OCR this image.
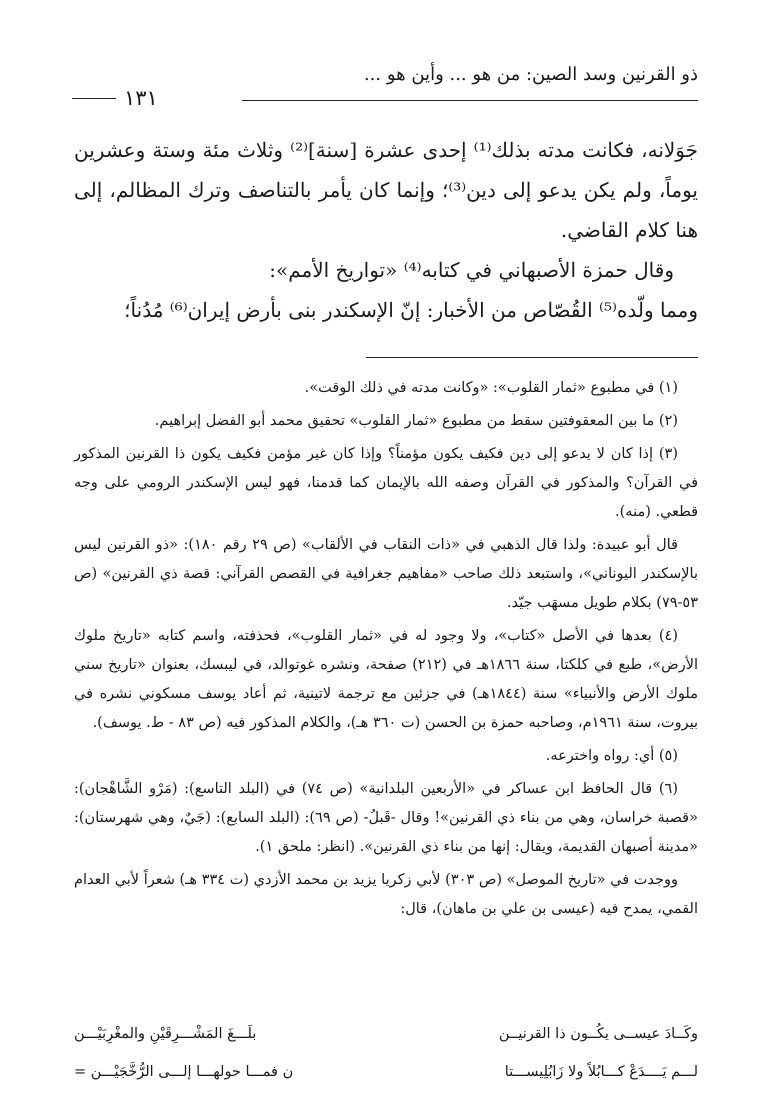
ذو القرنين وسد الصين: من هو ... وأين هو ...
١٣١

جَوَلانه، فكانت مدته بذلك⁽¹⁾ إحدى عشرة [سنة]⁽²⁾ وثلاث مئة وستة وعشرين يوماً، ولم يكن يدعو إلى دين⁽³⁾؛ وإنما كان يأمر بالتناصف وترك المظالم، إلى هنا كلام القاضي.

وقال حمزة الأصبهاني في كتابه⁽⁴⁾ «تواريخ الأمم»:

ومما ولّده⁽⁵⁾ القُصّاص من الأخبار: إنّ الإسكندر بنى بأرض إيران⁽⁶⁾ مُدُناً؛

(١) في مطبوع «ثمار القلوب»: «وكانت مدته في ذلك الوقت».

(٢) ما بين المعقوفتين سقط من مطبوع «ثمار القلوب» تحقيق محمد أبو الفضل إبراهيم.

(٣) إذا كان لا يدعو إلى دين فكيف يكون مؤمناً؟ وإذا كان غير مؤمن فكيف يكون ذا القرنين المذكور في القرآن؟ والمذكور في القرآن وصفه الله بالإيمان كما قدمنا، فهو ليس الإسكندر الرومي على وجه قطعي. (منه).

قال أبو عبيدة: ولذا قال الذهبي في «ذات النقاب في الألقاب» (ص ٢٩ رقم ١٨٠): «ذو القرنين ليس بالإسكندر اليوناني»، واستبعد ذلك صاحب «مفاهيم جغرافية في القصص القرآني: قصة ذي القرنين» (ص ٥٣-٧٩) بكلام طويل مسهَب جيّد.

(٤) بعدها في الأصل «كتاب»، ولا وجود له في «ثمار القلوب»، فحذفته، واسم كتابه «تاريخ ملوك الأرض»، طبع في كلكتا، سنة ١٨٦٦هـ في (٢١٢) صفحة، ونشره غوتوالد، في ليبسك، بعنوان «تاريخ سني ملوك الأرض والأنبياء» سنة (١٨٤٤هـ) في جزئين مع ترجمة لاتينية، ثم أعاد يوسف مسكوني نشره في بيروت، سنة ١٩٦١م، وصاحبه حمزة بن الحسن (ت ٣٦٠ هـ)، والكلام المذكور فيه (ص ٨٣ - ط. يوسف).

(٥) أي: رواه واخترعه.

(٦) قال الحافظ ابن عساكر في «الأربعين البلدانية» (ص ٧٤) في (البلد التاسع): (مَرْو الشَّاهْجان): «قصبة خراسان، وهي من بناء ذي القرنين»! وقال -قَبلُ- (ص ٦٩): (البلد السابع): (جَيٌ، وهي شهرستان): «مدينة أصبهان القديمة، ويقال: إنها من بناء ذي القرنين». (انظر: ملحق ١).

ووجدت في «تاريخ الموصل» (ص ٣٠٣) لأبي زكريا يزيد بن محمد الأزدي (ت ٣٣٤ هـ) شعراً لأبي العدام القمي، يمدح فيه (عيسى بن علي بن ماهان)، قال:

وكَــادَ عيســى يكُــون ذا القرنيــن
بلَـــغَ المَشْـــرِقَيْنِ والمغْرِبَيْـــن
لـــم يَــــدَعْ كـــابُلاً ولا زَابُلِيســـتا
ن فمـــا حولهـــا إلـــى الرُّخَّجَيْـــن =
